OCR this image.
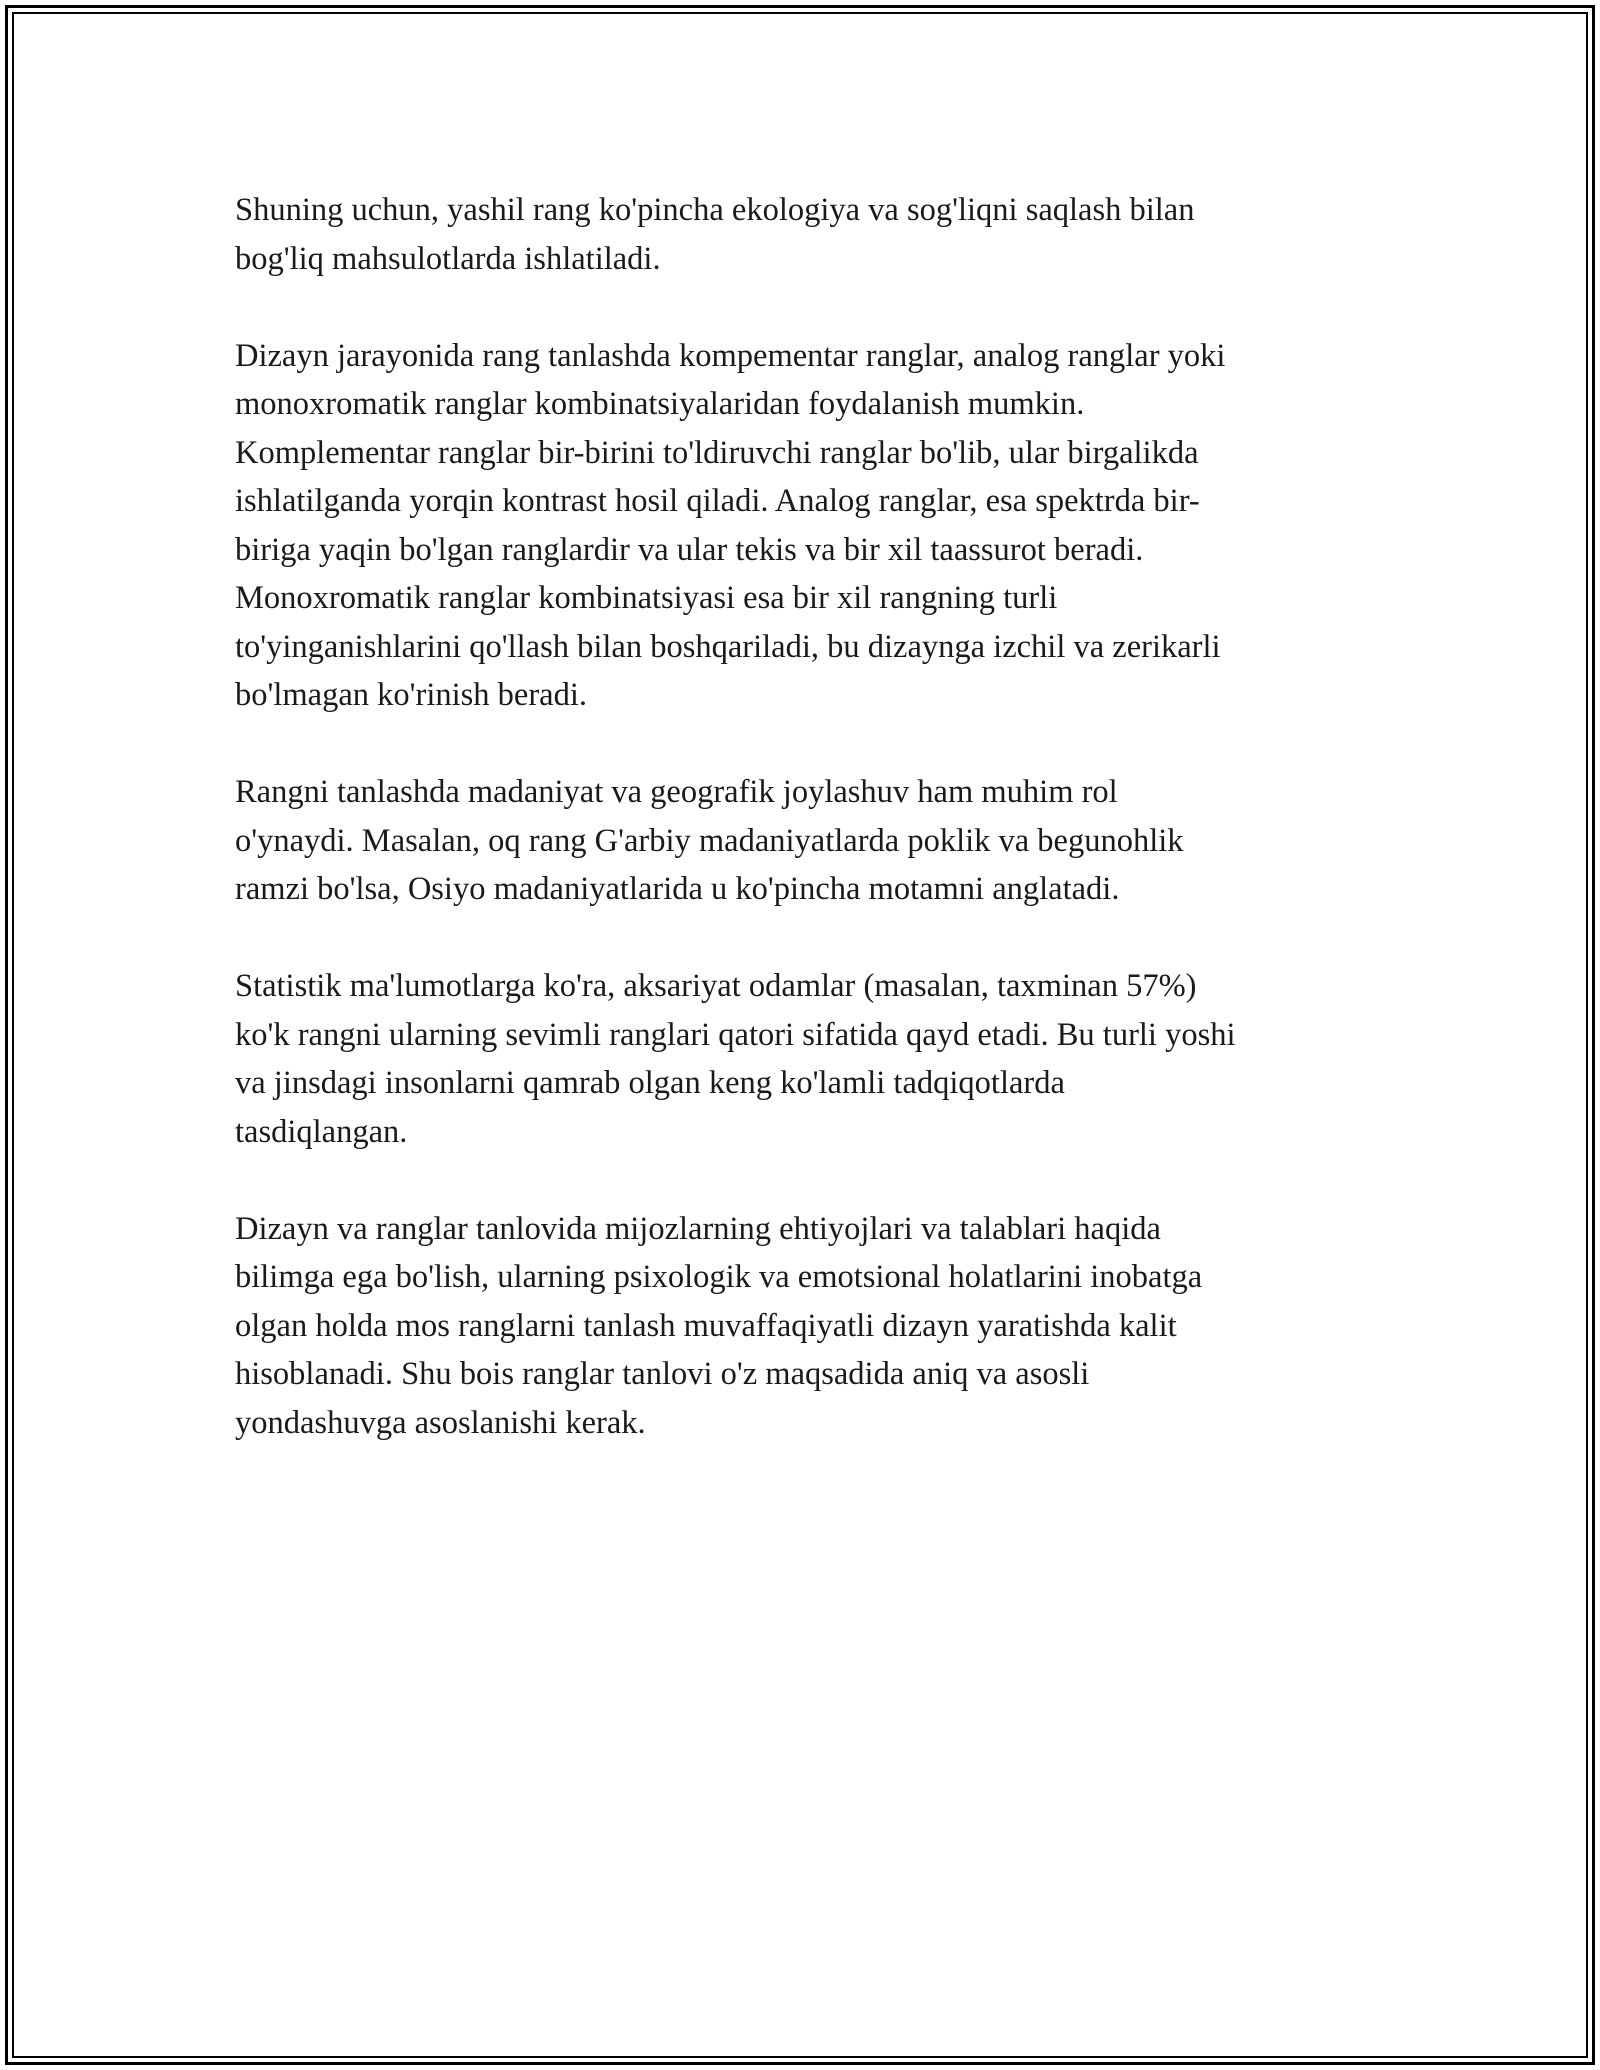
Shuning uchun, yashil rang ko'pincha ekologiya va sog'liqni saqlash bilan
bog'liq mahsulotlarda ishlatiladi.

Dizayn jarayonida rang tanlashda kompementar ranglar, analog ranglar yoki
monoxromatik ranglar kombinatsiyalaridan foydalanish mumkin.
Komplementar ranglar bir-birini to'ldiruvchi ranglar bo'lib, ular birgalikda
ishlatilganda yorqin kontrast hosil qiladi. Analog ranglar, esa spektrda bir-
biriga yaqin bo'lgan ranglardir va ular tekis va bir xil taassurot beradi.
Monoxromatik ranglar kombinatsiyasi esa bir xil rangning turli
to'yinganishlarini qo'llash bilan boshqariladi, bu dizaynga izchil va zerikarli
bo'lmagan ko'rinish beradi.

Rangni tanlashda madaniyat va geografik joylashuv ham muhim rol
o'ynaydi. Masalan, oq rang G'arbiy madaniyatlarda poklik va begunohlik
ramzi bo'lsa, Osiyo madaniyatlarida u ko'pincha motamni anglatadi.

Statistik ma'lumotlarga ko'ra, aksariyat odamlar (masalan, taxminan 57%)
ko'k rangni ularning sevimli ranglari qatori sifatida qayd etadi. Bu turli yoshi
va jinsdagi insonlarni qamrab olgan keng ko'lamli tadqiqotlarda
tasdiqlangan.

Dizayn va ranglar tanlovida mijozlarning ehtiyojlari va talablari haqida
bilimga ega bo'lish, ularning psixologik va emotsional holatlarini inobatga
olgan holda mos ranglarni tanlash muvaffaqiyatli dizayn yaratishda kalit
hisoblanadi. Shu bois ranglar tanlovi o'z maqsadida aniq va asosli
yondashuvga asoslanishi kerak.
